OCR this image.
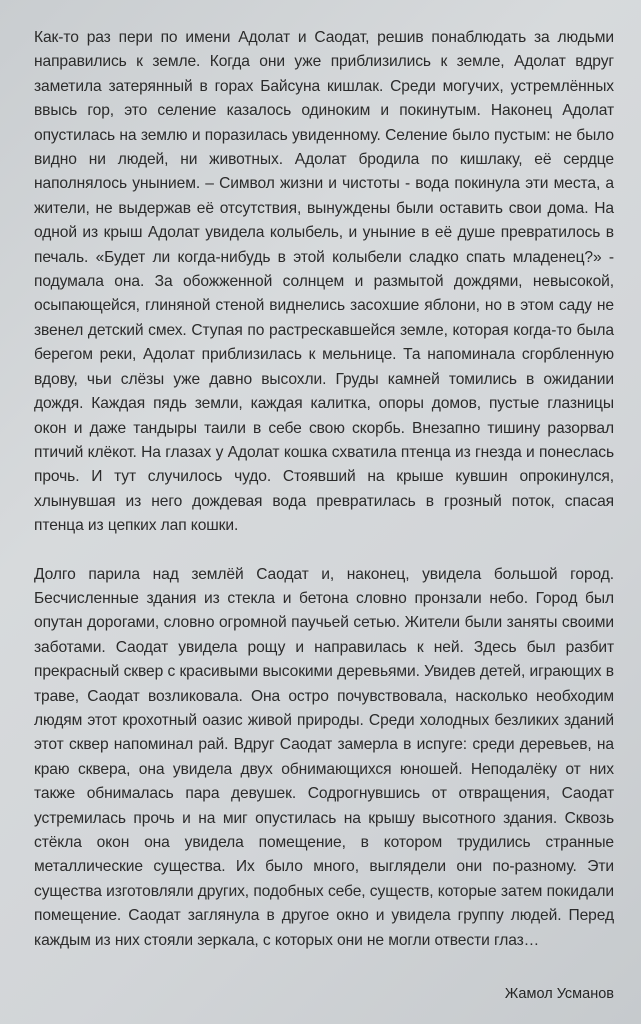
Как-то раз пери по имени Адолат и Саодат, решив понаблюдать за людьми направились к земле. Когда они уже приблизились к земле, Адолат вдруг заметила затерянный в горах Байсуна кишлак. Среди могучих, устремлённых ввысь гор, это селение казалось одиноким и покинутым. Наконец Адолат опустилась на землю и поразилась увиденному. Селение было пустым: не было видно ни людей, ни животных. Адолат бродила по кишлаку, её сердце наполнялось унынием. – Символ жизни и чистоты - вода покинула эти места, а жители, не выдержав её отсутствия, вынуждены были оставить свои дома. На одной из крыш Адолат увидела колыбель, и уныние в её душе превратилось в печаль. «Будет ли когда-нибудь в этой колыбели сладко спать младенец?» - подумала она. За обожженной солнцем и размытой дождями, невысокой, осыпающейся, глиняной стеной виднелись засохшие яблони, но в этом саду не звенел детский смех. Ступая по растрескавшейся земле, которая когда-то была берегом реки, Адолат приблизилась к мельнице. Та напоминала сгорбленную вдову, чьи слёзы уже давно высохли. Груды камней томились в ожидании дождя. Каждая пядь земли, каждая калитка, опоры домов, пустые глазницы окон и даже тандыры таили в себе свою скорбь. Внезапно тишину разорвал птичий клёкот. На глазах у Адолат кошка схватила птенца из гнезда и понеслась прочь. И тут случилось чудо. Стоявший на крыше кувшин опрокинулся, хлынувшая из него дождевая вода превратилась в грозный поток, спасая птенца из цепких лап кошки.

Долго парила над землёй Саодат и, наконец, увидела большой город. Бесчисленные здания из стекла и бетона словно пронзали небо. Город был опутан дорогами, словно огромной паучьей сетью. Жители были заняты своими заботами. Саодат увидела рощу и направилась к ней. Здесь был разбит прекрасный сквер с красивыми высокими деревьями. Увидев детей, играющих в траве, Саодат возликовала. Она остро почувствовала, насколько необходим людям этот крохотный оазис живой природы. Среди холодных безликих зданий этот сквер напоминал рай. Вдруг Саодат замерла в испуге: среди деревьев, на краю сквера, она увидела двух обнимающихся юношей. Неподалёку от них также обнималась пара девушек. Содрогнувшись от отвращения, Саодат устремилась прочь и на миг опустилась на крышу высотного здания. Сквозь стёкла окон она увидела помещение, в котором трудились странные металлические существа. Их было много, выглядели они по-разному. Эти существа изготовляли других, подобных себе, существ, которые затем покидали помещение. Саодат заглянула в другое окно и увидела группу людей. Перед каждым из них стояли зеркала, с которых они не могли отвести глаз…

Жамол Усманов
